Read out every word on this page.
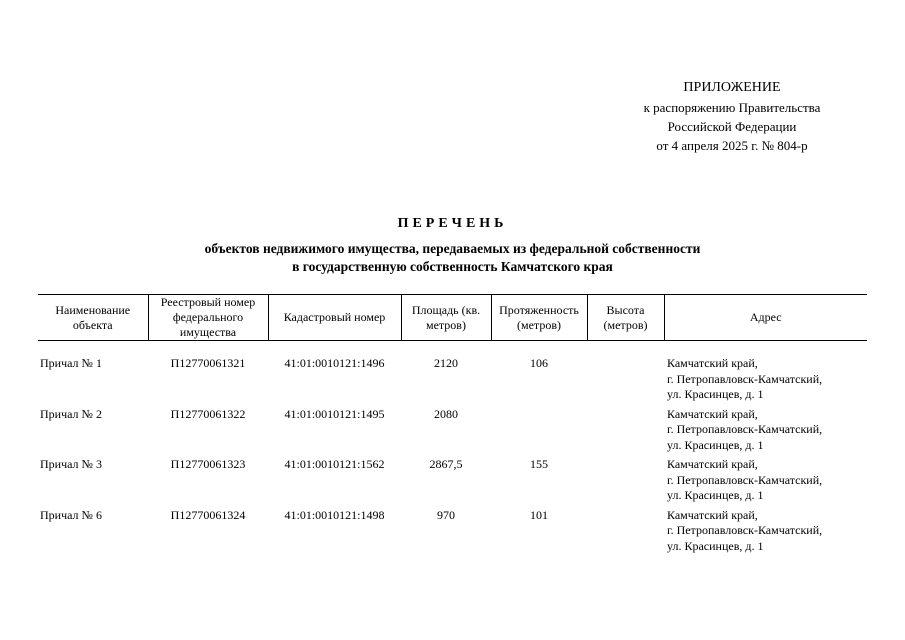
ПРИЛОЖЕНИЕ
к распоряжению Правительства
Российской Федерации
от 4 апреля 2025 г. № 804-р
ПЕРЕЧЕНЬ
объектов недвижимого имущества, передаваемых из федеральной собственности
в государственную собственность Камчатского края
Наименование объекта	Реестровый номер федерального имущества	Кадастровый номер	Площадь (кв. метров)	Протяженность (метров)	Высота (метров)	Адрес

Причал № 1	П12770061321	41:01:0010121:1496	2120	106		Камчатский край,
г. Петропавловск-Камчатский,
ул. Красинцев, д. 1

Причал № 2	П12770061322	41:01:0010121:1495	2080			Камчатский край,
г. Петропавловск-Камчатский,
ул. Красинцев, д. 1

Причал № 3	П12770061323	41:01:0010121:1562	2867,5	155		Камчатский край,
г. Петропавловск-Камчатский,
ул. Красинцев, д. 1

Причал № 6	П12770061324	41:01:0010121:1498	970	101		Камчатский край,
г. Петропавловск-Камчатский,
ул. Красинцев, д. 1
